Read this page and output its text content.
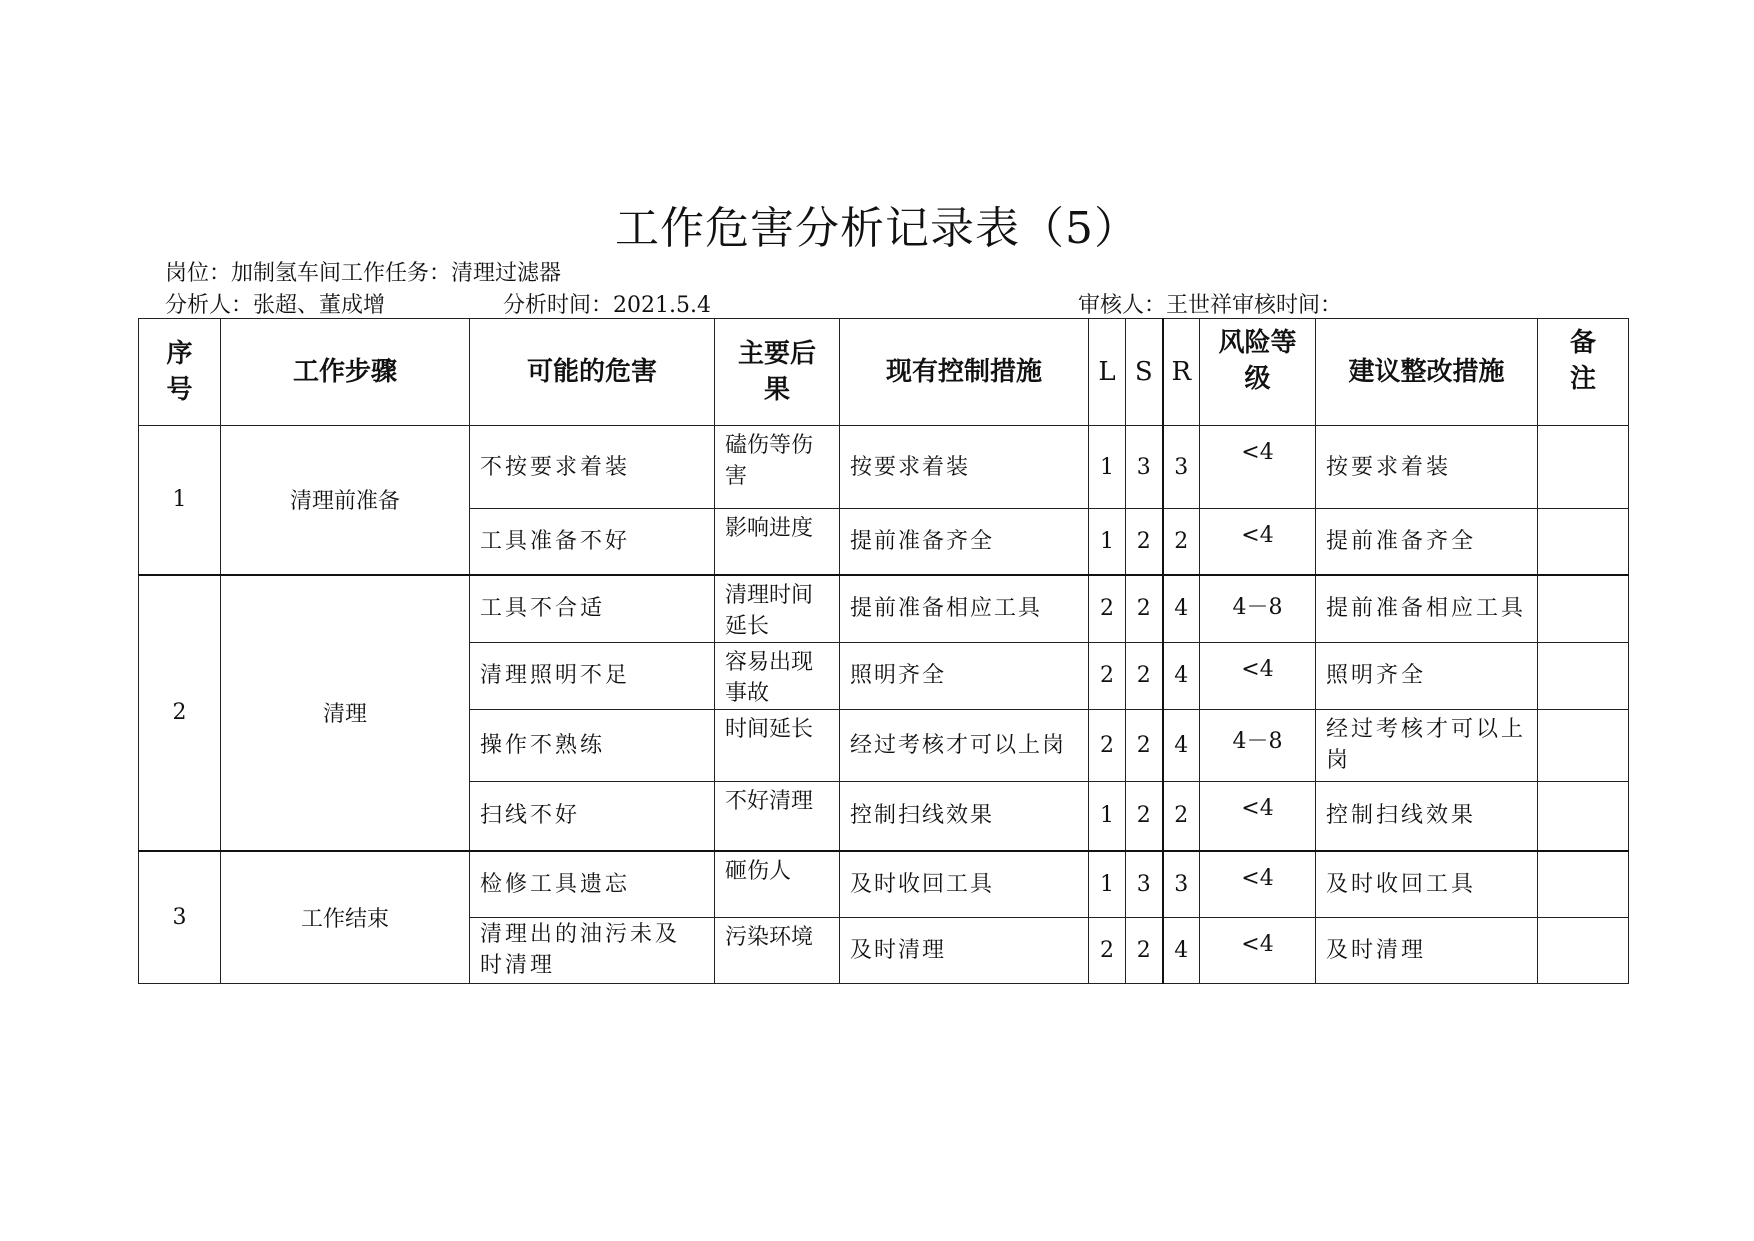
工作危害分析记录表（5）
岗位：加制氢车间工作任务：清理过滤器
分析人：张超、董成增	分析时间：2021.5.4	审核人：王世祥审核时间：
序号	工作步骤	可能的危害	主要后果	现有控制措施	L	S	R	风险等级	建议整改措施	备注
1	清理前准备	不按要求着装	磕伤等伤害	按要求着装	1	3	3	<4	按要求着装	
		工具准备不好	影响进度	提前准备齐全	1	2	2	<4	提前准备齐全	
2	清理	工具不合适	清理时间延长	提前准备相应工具	2	2	4	4－8	提前准备相应工具	
		清理照明不足	容易出现事故	照明齐全	2	2	4	<4	照明齐全	
		操作不熟练	时间延长	经过考核才可以上岗	2	2	4	4－8	经过考核才可以上岗	
		扫线不好	不好清理	控制扫线效果	1	2	2	<4	控制扫线效果	
3	工作结束	检修工具遗忘	砸伤人	及时收回工具	1	3	3	<4	及时收回工具	
		清理出的油污未及时清理	污染环境	及时清理	2	2	4	<4	及时清理	
